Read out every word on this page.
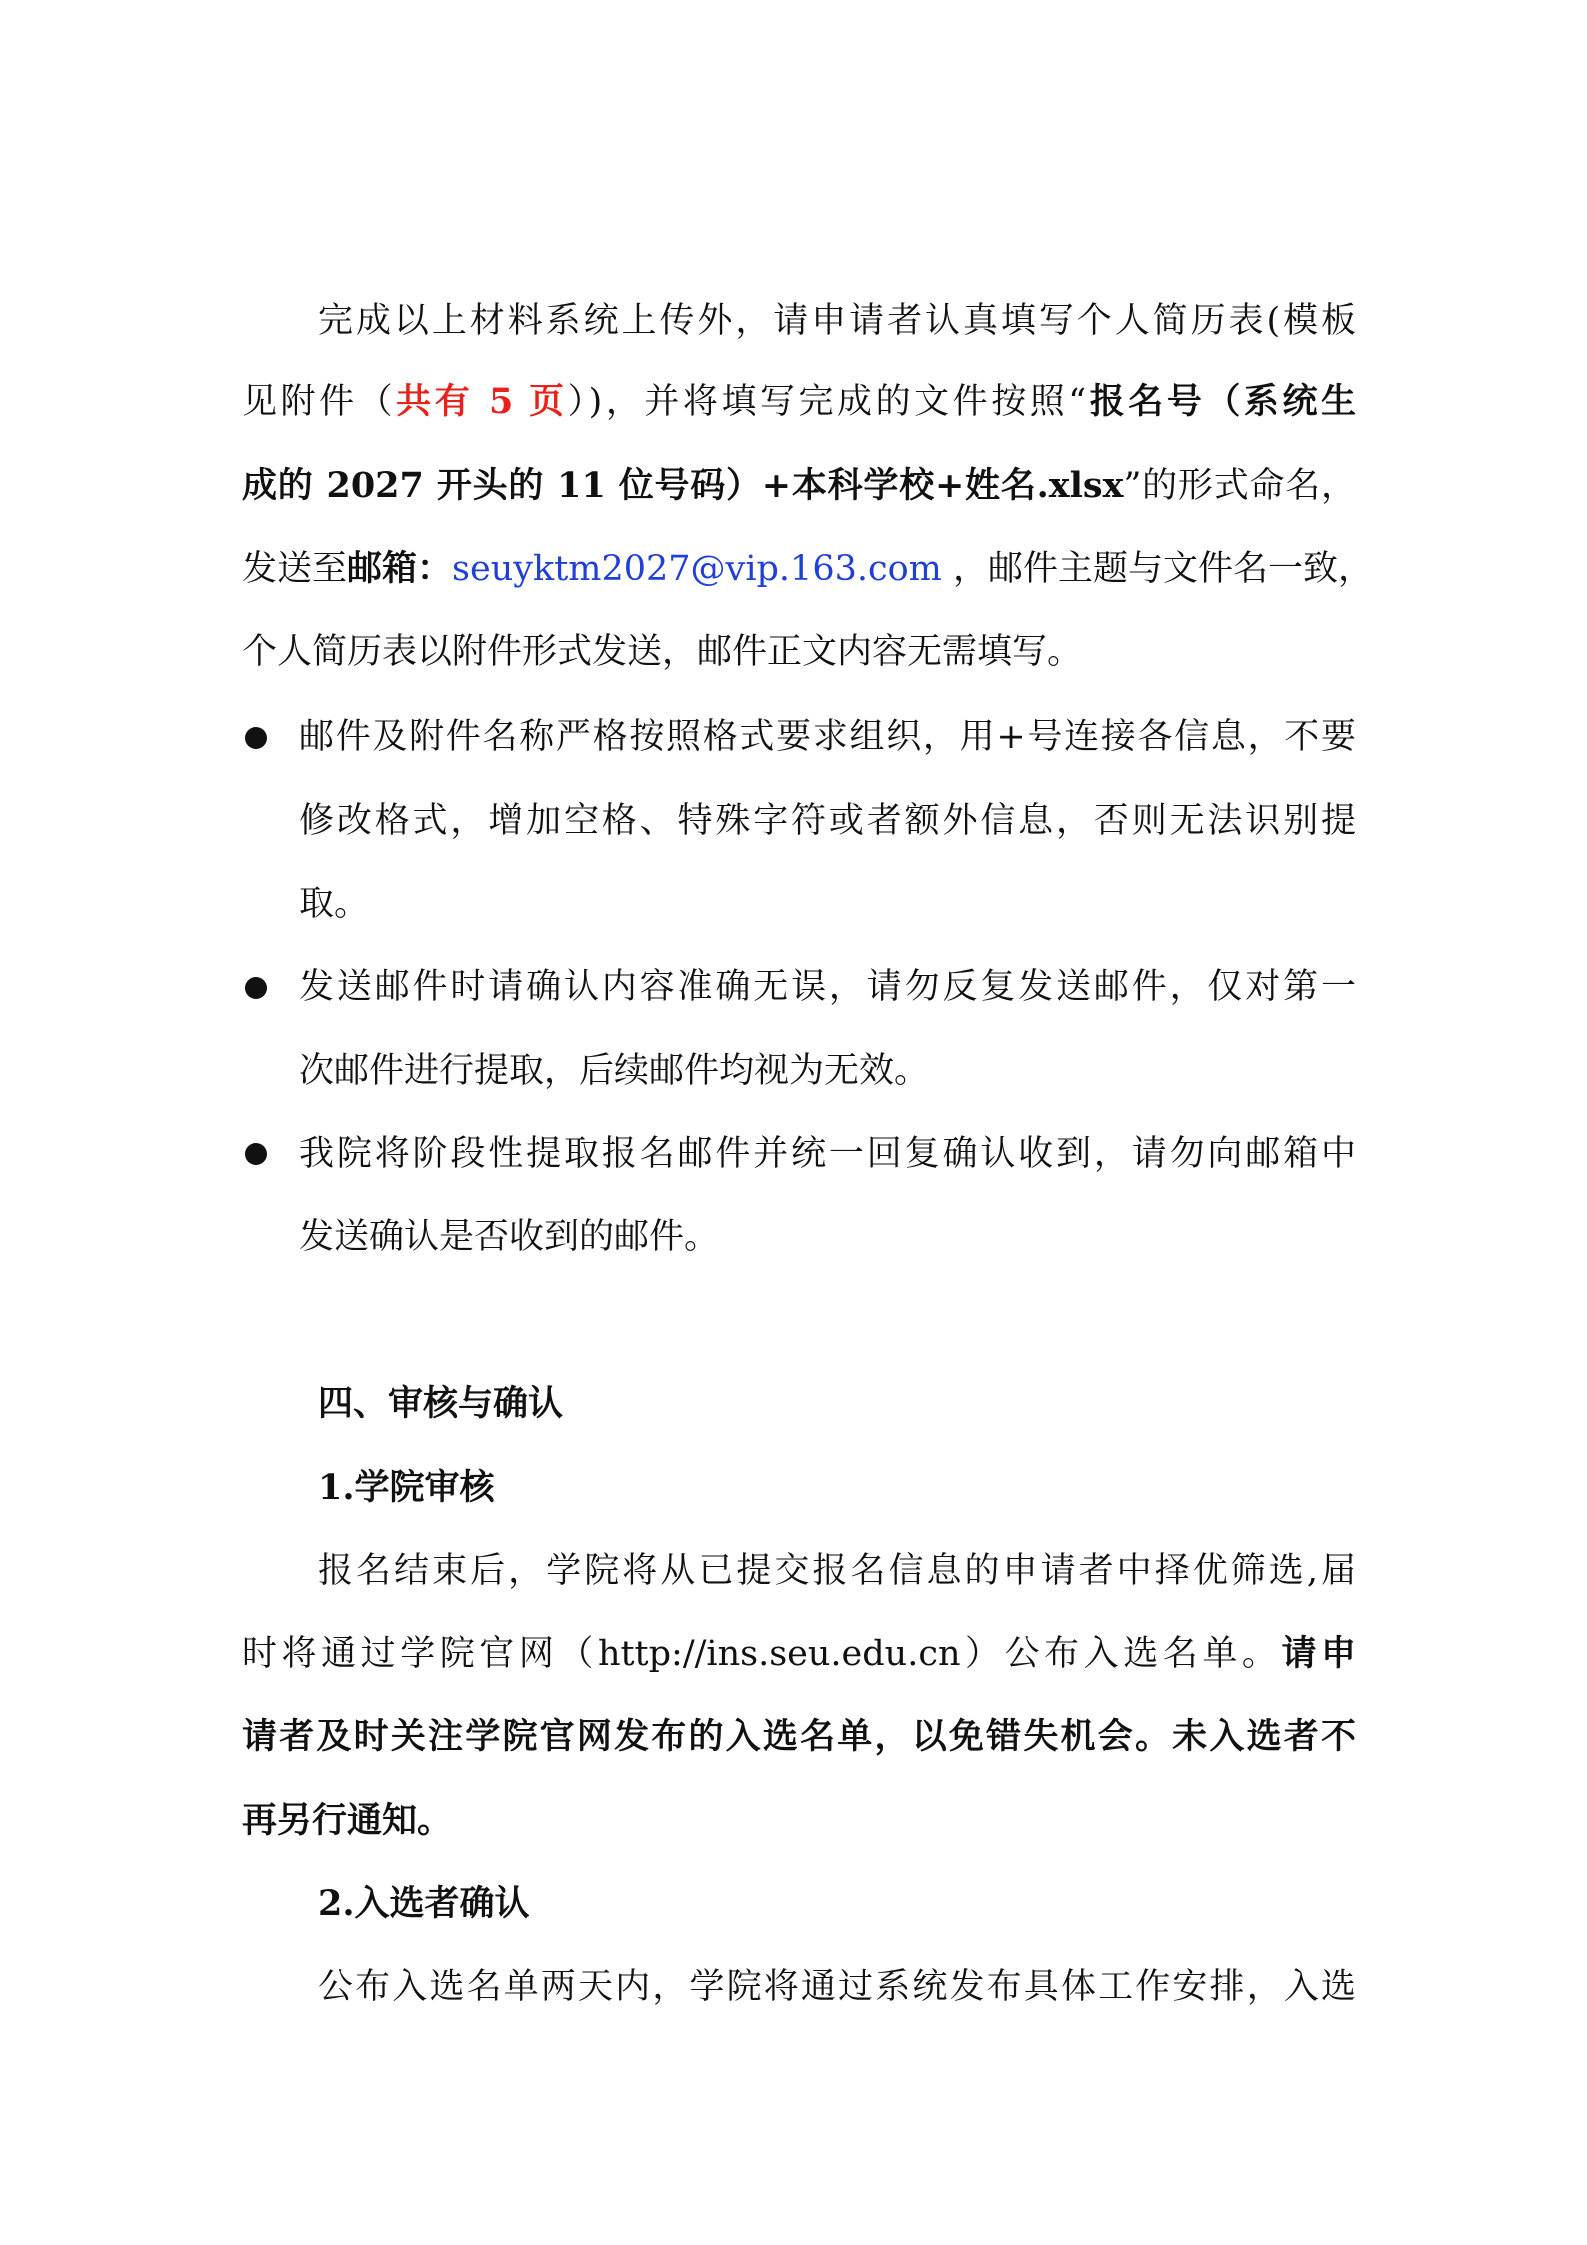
完成以上材料系统上传外，请申请者认真填写个人简历表(模板
见附件（共有 5 页）)，并将填写完成的文件按照“报名号（系统生
成的 2027 开头的 11 位号码）+本科学校+姓名.xlsx”的形式命名，
发送至邮箱：seuyktm2027@vip.163.com ，邮件主题与文件名一致，
个人简历表以附件形式发送，邮件正文内容无需填写。
邮件及附件名称严格按照格式要求组织，用+号连接各信息，不要
修改格式，增加空格、特殊字符或者额外信息，否则无法识别提
取。
发送邮件时请确认内容准确无误，请勿反复发送邮件，仅对第一
次邮件进行提取，后续邮件均视为无效。
我院将阶段性提取报名邮件并统一回复确认收到，请勿向邮箱中
发送确认是否收到的邮件。
四、审核与确认
1.学院审核
报名结束后，学院将从已提交报名信息的申请者中择优筛选,届
时将通过学院官网（http://ins.seu.edu.cn）公布入选名单。请申
请者及时关注学院官网发布的入选名单，以免错失机会。未入选者不
再另行通知。
2.入选者确认
公布入选名单两天内，学院将通过系统发布具体工作安排，入选
